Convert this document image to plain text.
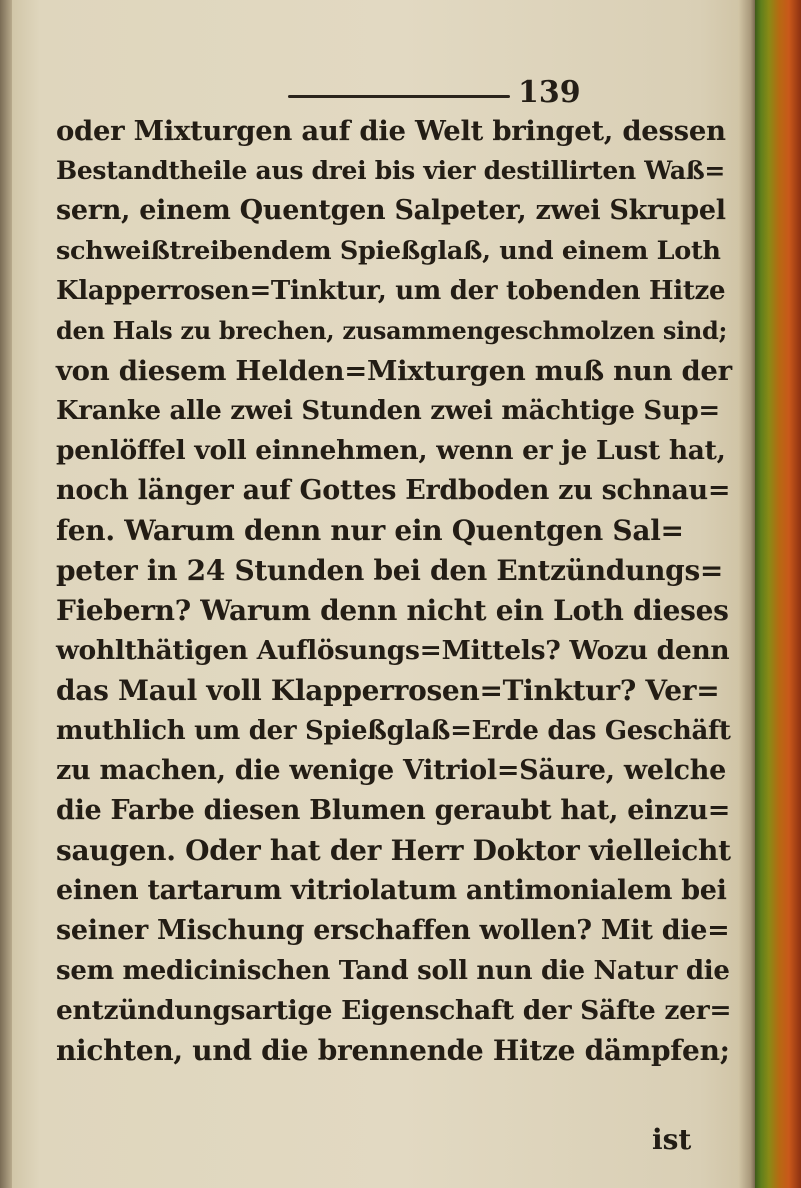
139
oder Mixturgen auf die Welt bringet, dessen
Bestandtheile aus drei bis vier destillirten Waß=
sern, einem Quentgen Salpeter, zwei Skrupel
schweißtreibendem Spießglaß, und einem Loth
Klapperrosen=Tinktur, um der tobenden Hitze
den Hals zu brechen, zusammengeschmolzen sind;
von diesem Helden=Mixturgen muß nun der
Kranke alle zwei Stunden zwei mächtige Sup=
penlöffel voll einnehmen, wenn er je Lust hat,
noch länger auf Gottes Erdboden zu schnau=
fen. Warum denn nur ein Quentgen Sal=
peter in 24 Stunden bei den Entzündungs=
Fiebern? Warum denn nicht ein Loth dieses
wohlthätigen Auflösungs=Mittels? Wozu denn
das Maul voll Klapperrosen=Tinktur? Ver=
muthlich um der Spießglaß=Erde das Geschäft
zu machen, die wenige Vitriol=Säure, welche
die Farbe diesen Blumen geraubt hat, einzu=
saugen. Oder hat der Herr Doktor vielleicht
einen tartarum vitriolatum antimonialem bei
seiner Mischung erschaffen wollen? Mit die=
sem medicinischen Tand soll nun die Natur die
entzündungsartige Eigenschaft der Säfte zer=
nichten, und die brennende Hitze dämpfen;
ist
